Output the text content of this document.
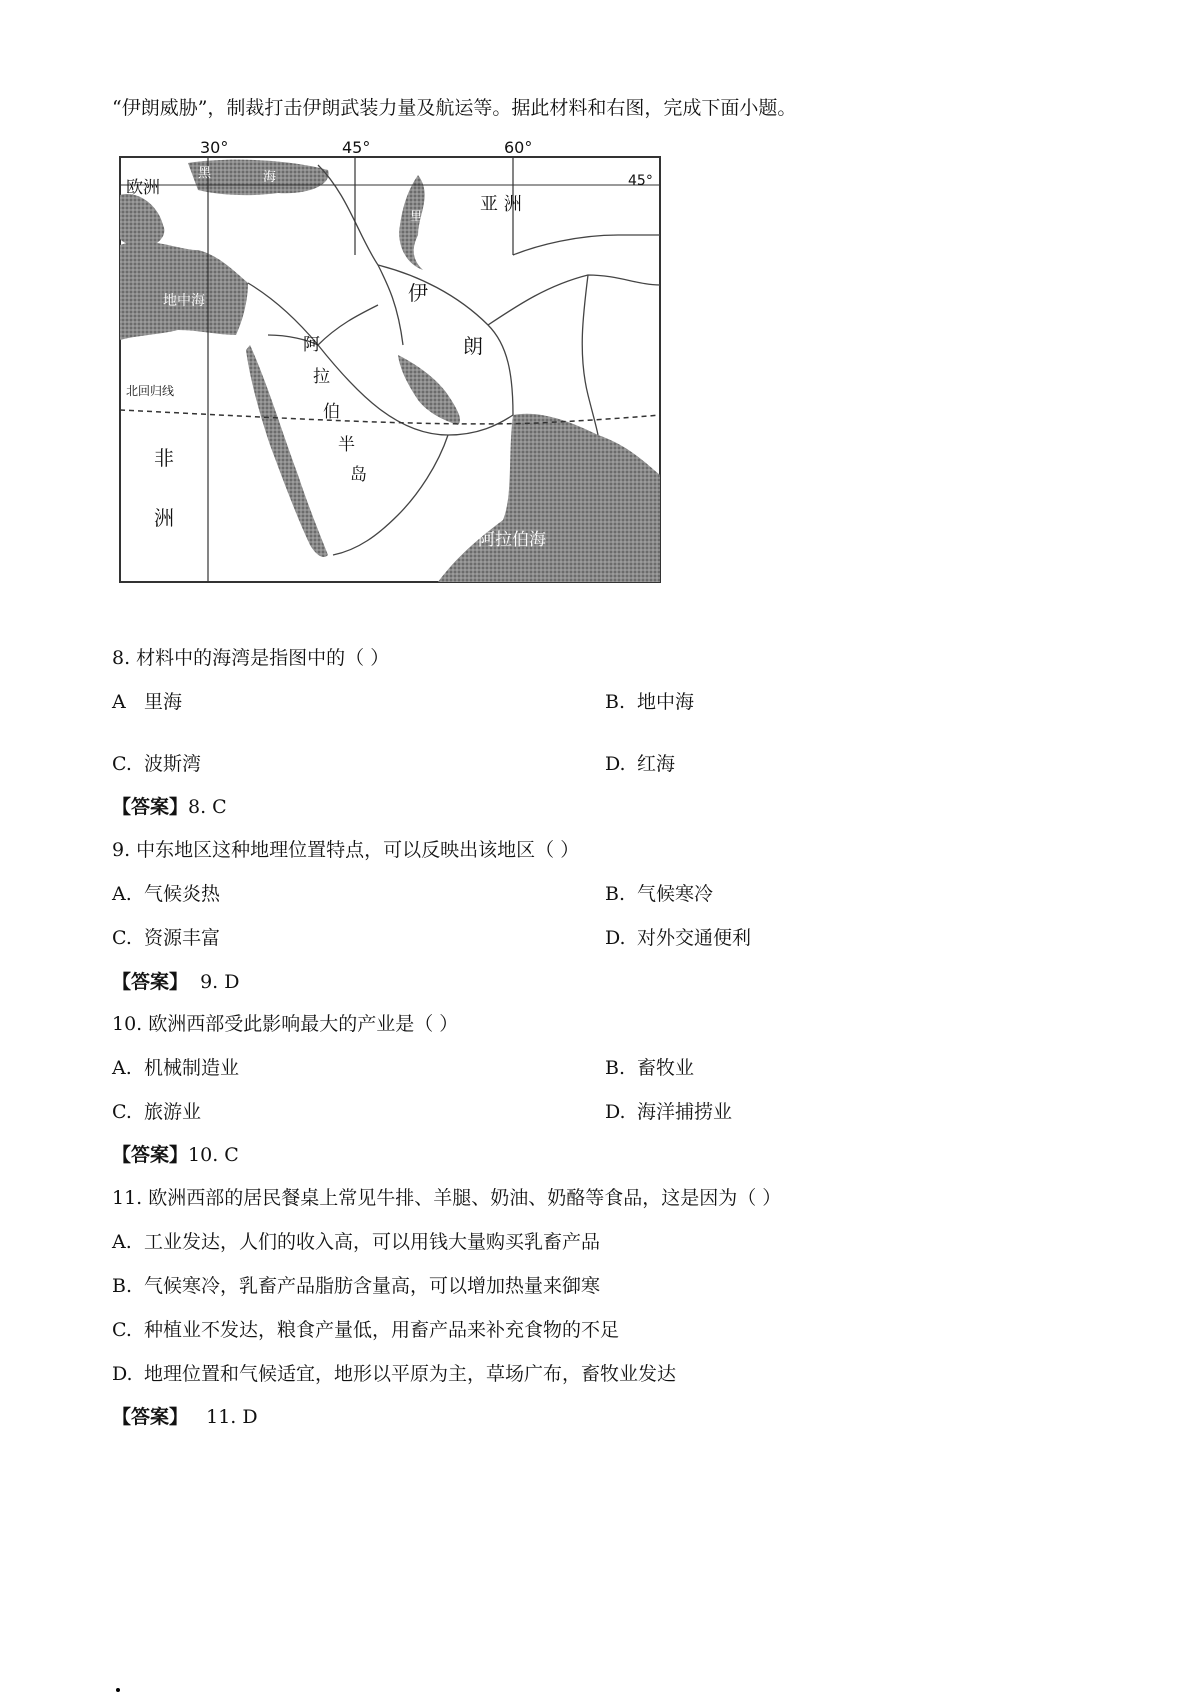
“伊朗威胁”，制裁打击伊朗武装力量及航运等。据此材料和右图，完成下面小题。
30°	45°	60°
45°
欧洲
黑	海
里海
亚 洲
地中海	伊
朗
阿
拉
伯
半
岛
北回归线
非
洲
阿拉伯海
8. 材料中的海湾是指图中的（ ）
A 里海	B. 地中海
C. 波斯湾	D. 红海
【答案】8. C
9. 中东地区这种地理位置特点，可以反映出该地区（ ）
A. 气候炎热	B. 气候寒冷
C. 资源丰富	D. 对外交通便利
【答案】  9. D
10. 欧洲西部受此影响最大的产业是（ ）
A. 机械制造业	B. 畜牧业
C. 旅游业	D. 海洋捕捞业
【答案】10. C
11. 欧洲西部的居民餐桌上常见牛排、羊腿、奶油、奶酪等食品，这是因为（ ）
A. 工业发达，人们的收入高，可以用钱大量购买乳畜产品
B. 气候寒冷，乳畜产品脂肪含量高，可以增加热量来御寒
C. 种植业不发达，粮食产量低，用畜产品来补充食物的不足
D. 地理位置和气候适宜，地形以平原为主，草场广布，畜牧业发达
【答案】   11. D
